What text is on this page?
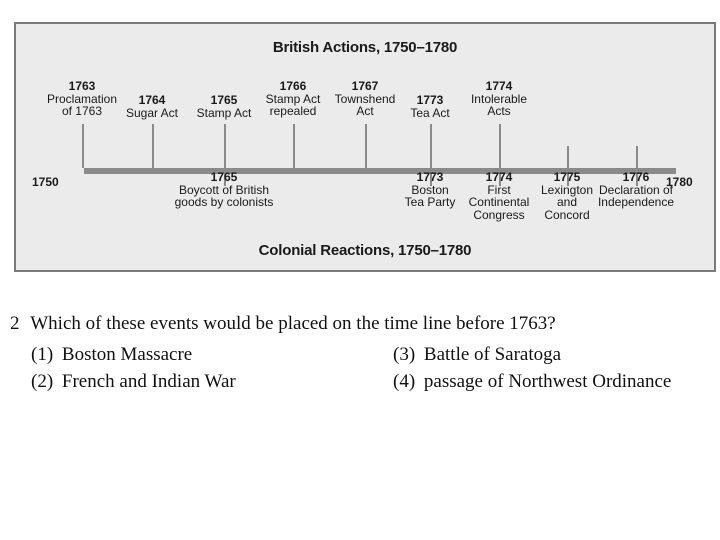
British Actions, 1750–1780
1763
Proclamation
of 1763
1764
Sugar Act
1765
Stamp Act
1766
Stamp Act
repealed
1767
Townshend
Act
1773
Tea Act
1774
Intolerable
Acts
1750	1780
1765
Boycott of British
goods by colonists
1773
Boston
Tea Party
1774
First
Continental
Congress
1775
Lexington
and
Concord
1776
Declaration of
Independence
Colonial Reactions, 1750–1780
2 Which of these events would be placed on the time line before 1763?
(1) Boston Massacre
(2) French and Indian War
(3) Battle of Saratoga
(4) passage of Northwest Ordinance
